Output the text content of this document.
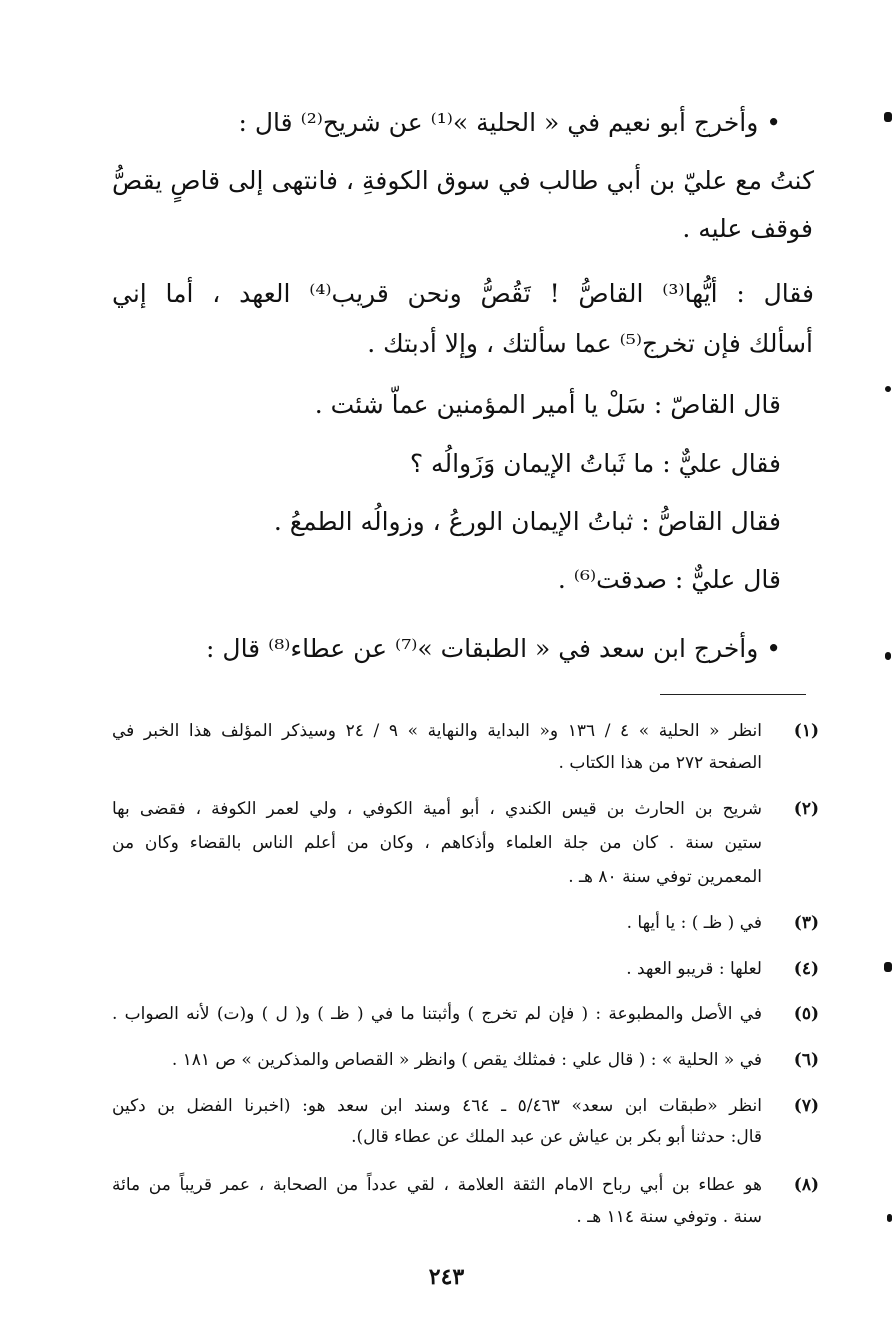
• وأخرج أبو نعيم في « الحلية »⁽¹⁾ عن شريح⁽²⁾ قال :
كنتُ مع عليّ بن أبي طالب في سوق الكوفةِ ، فانتهى إلى قاصٍ يقصُّ
فوقف عليه .
فقال : أيُّها⁽³⁾ القاصُّ ! تَقُصُّ ونحن قريب⁽⁴⁾ العهد ، أما إني
أسألك فإن تخرج⁽⁵⁾ عما سألتك ، وإلا أدبتك .
قال القاصّ : سَلْ يا أمير المؤمنين عماّ شئت .
فقال عليٌّ : ما ثَباتُ الإيمان وَزَوالُه ؟
فقال القاصُّ : ثباتُ الإيمان الورعُ ، وزوالُه الطمعُ .
قال عليٌّ : صدقت⁽⁶⁾ .
• وأخرج ابن سعد في « الطبقات »⁽⁷⁾ عن عطاء⁽⁸⁾ قال :
(١)
انظر « الحلية » ٤ / ١٣٦ و« البداية والنهاية » ٩ / ٢٤ وسيذكر المؤلف هذا الخبر في
الصفحة ٢٧٢ من هذا الكتاب .
(٢)
شريح بن الحارث بن قيس الكندي ، أبو أمية الكوفي ، ولي لعمر الكوفة ، فقضى بها
ستين سنة . كان من جلة العلماء وأذكاهم ، وكان من أعلم الناس بالقضاء وكان من
المعمرين توفي سنة ٨٠ هـ .
(٣)
في ( ظـ ) : يا أيها .
(٤)
لعلها : قريبو العهد .
(٥)
في الأصل والمطبوعة : ( فإن لم تخرج ) وأثبتنا ما في ( ظـ ) و( ل ) و(ت) لأنه الصواب .
(٦)
في « الحلية » : ( قال علي : فمثلك يقص ) وانظر « القصاص والمذكرين » ص ١٨١ .
(٧)
انظر «طبقات ابن سعد» ٥/٤٦٣ ـ ٤٦٤ وسند ابن سعد هو: (اخبرنا الفضل بن دكين
قال: حدثنا أبو بكر بن عياش عن عبد الملك عن عطاء قال).
(٨)
هو عطاء بن أبي رباح الامام الثقة العلامة ، لقي عدداً من الصحابة ، عمر قريباً من مائة
سنة . وتوفي سنة ١١٤ هـ .
٢٤٣
